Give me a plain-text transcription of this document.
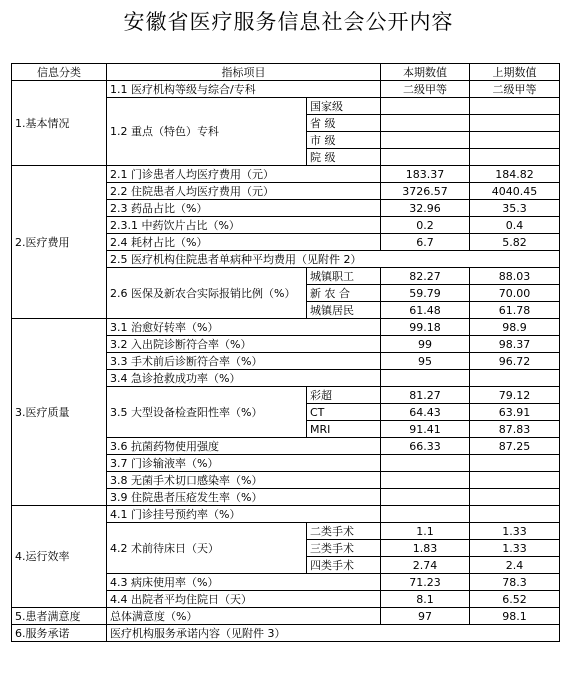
安徽省医疗服务信息社会公开内容
信息分类	指标项目		本期数值	上期数值
1.基本情况	1.1 医疗机构等级与综合/专科		二级甲等	二级甲等
	1.2 重点（特色）专科	国家级		
		省 级		
		市 级		
		院 级		
2.医疗费用	2.1 门诊患者人均医疗费用（元）		183.37	184.82
	2.2 住院患者人均医疗费用（元）		3726.57	4040.45
	2.3 药品占比（%）		32.96	35.3
	2.3.1 中药饮片占比（%）		0.2	0.4
	2.4 耗材占比（%）		6.7	5.82
	2.5 医疗机构住院患者单病种平均费用（见附件 2）			
	2.6 医保及新农合实际报销比例（%）	城镇职工	82.27	88.03
		新 农 合	59.79	70.00
		城镇居民	61.48	61.78
3.医疗质量	3.1 治愈好转率（%）		99.18	98.9
	3.2 入出院诊断符合率（%）		99	98.37
	3.3 手术前后诊断符合率（%）		95	96.72
	3.4 急诊抢救成功率（%）			
	3.5 大型设备检查阳性率（%）	彩超	81.27	79.12
		CT	64.43	63.91
		MRI	91.41	87.83
	3.6 抗菌药物使用强度		66.33	87.25
	3.7 门诊输液率（%）			
	3.8 无菌手术切口感染率（%）			
	3.9 住院患者压疮发生率（%）			
4.运行效率	4.1 门诊挂号预约率（%）			
	4.2 术前待床日（天）	二类手术	1.1	1.33
		三类手术	1.83	1.33
		四类手术	2.74	2.4
	4.3 病床使用率（%）		71.23	78.3
	4.4 出院者平均住院日（天）		8.1	6.52
5.患者满意度	总体满意度（%）		97	98.1
6.服务承诺	医疗机构服务承诺内容（见附件 3）			
